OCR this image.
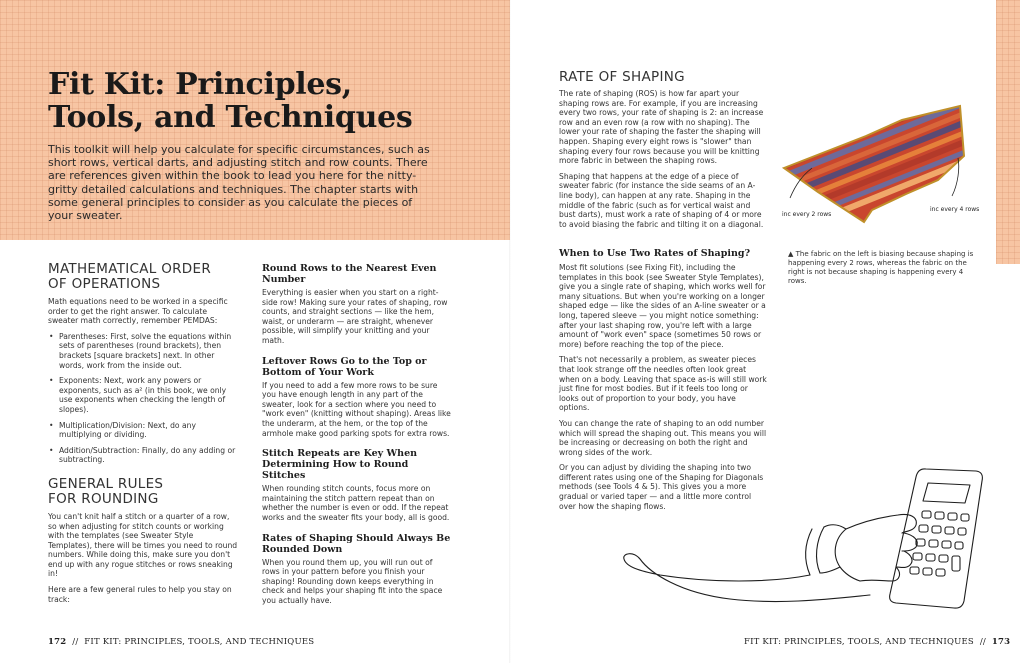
Fit Kit: Principles,
Tools, and Techniques

This toolkit will help you calculate for specific circumstances, such as short rows, vertical darts, and adjusting stitch and row counts. There are references given within the book to lead you here for the nitty-gritty detailed calculations and techniques. The chapter starts with some general principles to consider as you calculate the pieces of your sweater.

MATHEMATICAL ORDER
OF OPERATIONS

Math equations need to be worked in a specific order to get the right answer. To calculate sweater math correctly, remember PEMDAS:

• Parentheses: First, solve the equations within sets of parentheses (round brackets), then brackets [square brackets] next. In other words, work from the inside out.
• Exponents: Next, work any powers or exponents, such as a² (in this book, we only use exponents when checking the length of slopes).
• Multiplication/Division: Next, do any multiplying or dividing.
• Addition/Subtraction: Finally, do any adding or subtracting.
GENERAL RULES
FOR ROUNDING

You can't knit half a stitch or a quarter of a row, so when adjusting for stitch counts or working with the templates (see Sweater Style Templates), there will be times you need to round numbers. While doing this, make sure you don't end up with any rogue stitches or rows sneaking in!

Here are a few general rules to help you stay on track:

Round Rows to the Nearest Even Number

Everything is easier when you start on a right-side row! Making sure your rates of shaping, row counts, and straight sections — like the hem, waist, or underarm — are straight, whenever possible, will simplify your knitting and your math.

Leftover Rows Go to the Top or Bottom of Your Work

If you need to add a few more rows to be sure you have enough length in any part of the sweater, look for a section where you need to "work even" (knitting without shaping). Areas like the underarm, at the hem, or the top of the armhole make good parking spots for extra rows.

Stitch Repeats are Key When Determining How to Round Stitches

When rounding stitch counts, focus more on maintaining the stitch pattern repeat than on whether the number is even or odd. If the repeat works and the sweater fits your body, all is good.

Rates of Shaping Should Always Be Rounded Down

When you round them up, you will run out of rows in your pattern before you finish your shaping! Rounding down keeps everything in check and helps your shaping fit into the space you actually have.

172 // FIT KIT: PRINCIPLES, TOOLS, AND TECHNIQUES
RATE OF SHAPING

The rate of shaping (ROS) is how far apart your shaping rows are. For example, if you are increasing every two rows, your rate of shaping is 2: an increase row and an even row (a row with no shaping). The lower your rate of shaping the faster the shaping will happen. Shaping every eight rows is "slower" than shaping every four rows because you will be knitting more fabric in between the shaping rows.

Shaping that happens at the edge of a piece of sweater fabric (for instance the side seams of an A-line body), can happen at any rate. Shaping in the middle of the fabric (such as for vertical waist and bust darts), must work a rate of shaping of 4 or more to avoid biasing the fabric and tilting it on a diagonal.

When to Use Two Rates of Shaping?

Most fit solutions (see Fixing Fit), including the templates in this book (see Sweater Style Templates), give you a single rate of shaping, which works well for many situations. But when you're working on a longer shaped edge — like the sides of an A-line sweater or a long, tapered sleeve — you might notice something: after your last shaping row, you're left with a large amount of "work even" space (sometimes 50 rows or more) before reaching the top of the piece.

That's not necessarily a problem, as sweater pieces that look strange off the needles often look great when on a body. Leaving that space as-is will still work just fine for most bodies. But if it feels too long or looks out of proportion to your body, you have options.

You can change the rate of shaping to an odd number which will spread the shaping out. This means you will be increasing or decreasing on both the right and wrong sides of the work.

Or you can adjust by dividing the shaping into two different rates using one of the Shaping for Diagonals methods (see Tools 4 & 5). This gives you a more gradual or varied taper — and a little more control over how the shaping flows.

inc every 2 rows
inc every 4 rows

▲ The fabric on the left is biasing because shaping is happening every 2 rows, whereas the fabric on the right is not because shaping is happening every 4 rows.

FIT KIT: PRINCIPLES, TOOLS, AND TECHNIQUES // 173
